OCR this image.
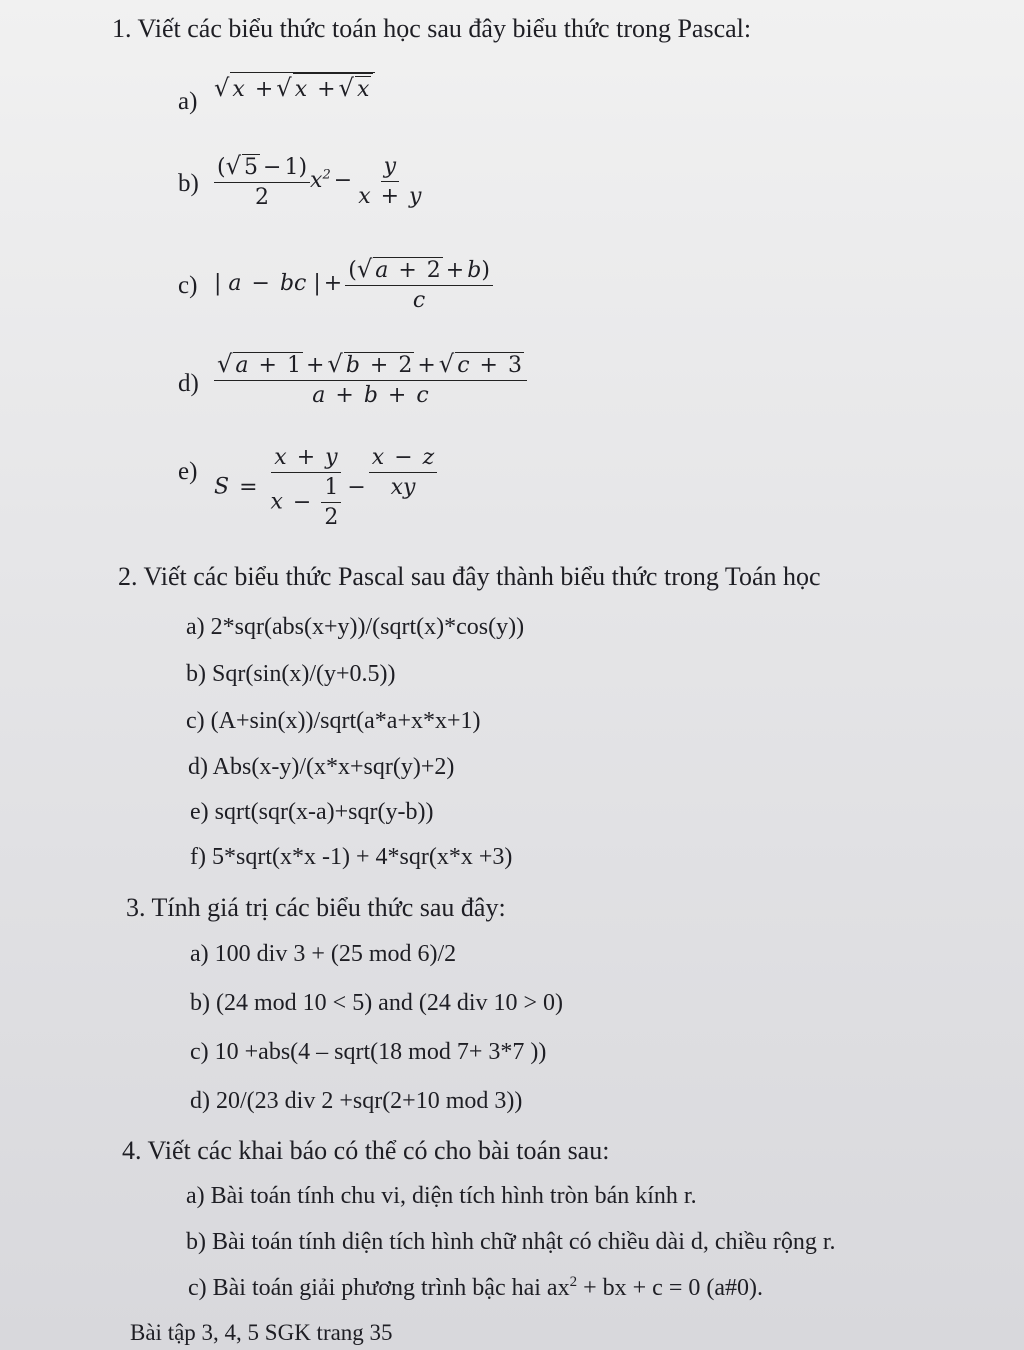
1. Viết các biểu thức toán học sau đây biểu thức trong Pascal:
a) √ x + √ x + √ x
$b) \frac{( √ 5 - 1)}{2} x^2 - \frac{y}{x + y}$
c) | a − bc | + $\frac{( √ a + 2 + b)}{c}$
$d) \frac{√ a + 1 + √ b + 2 + √ c + 3}{a + b + c}$
e)
$S = \frac{x + y}{x - \frac{1}{2}} - \frac{x - z}{xy}$
2. Viết các biểu thức Pascal sau đây thành biểu thức trong Toán học
a) 2*sqr(abs(x+y))/(sqrt(x)*cos(y))
b) Sqr(sin(x)/(y+0.5))
c) (A+sin(x))/sqrt(a*a+x*x+1)
d) Abs(x-y)/(x*x+sqr(y)+2)
e) sqrt(sqr(x-a)+sqr(y-b))
f) 5*sqrt(x*x -1) + 4*sqr(x*x +3)
3. Tính giá trị các biểu thức sau đây:
a) 100 div 3 + (25 mod 6)/2
b) (24 mod 10 < 5) and (24 div 10 > 0)
c) 10 +abs(4 – sqrt(18 mod 7+ 3*7 ))
d) 20/(23 div 2 +sqr(2+10 mod 3))
4. Viết các khai báo có thể có cho bài toán sau:
a) Bài toán tính chu vi, diện tích hình tròn bán kính r.
b) Bài toán tính diện tích hình chữ nhật có chiều dài d, chiều rộng r.
c) Bài toán giải phương trình bậc hai $ax^2$ + bx + c = 0 (a#0).
Bài tập 3, 4, 5 SGK trang 35
